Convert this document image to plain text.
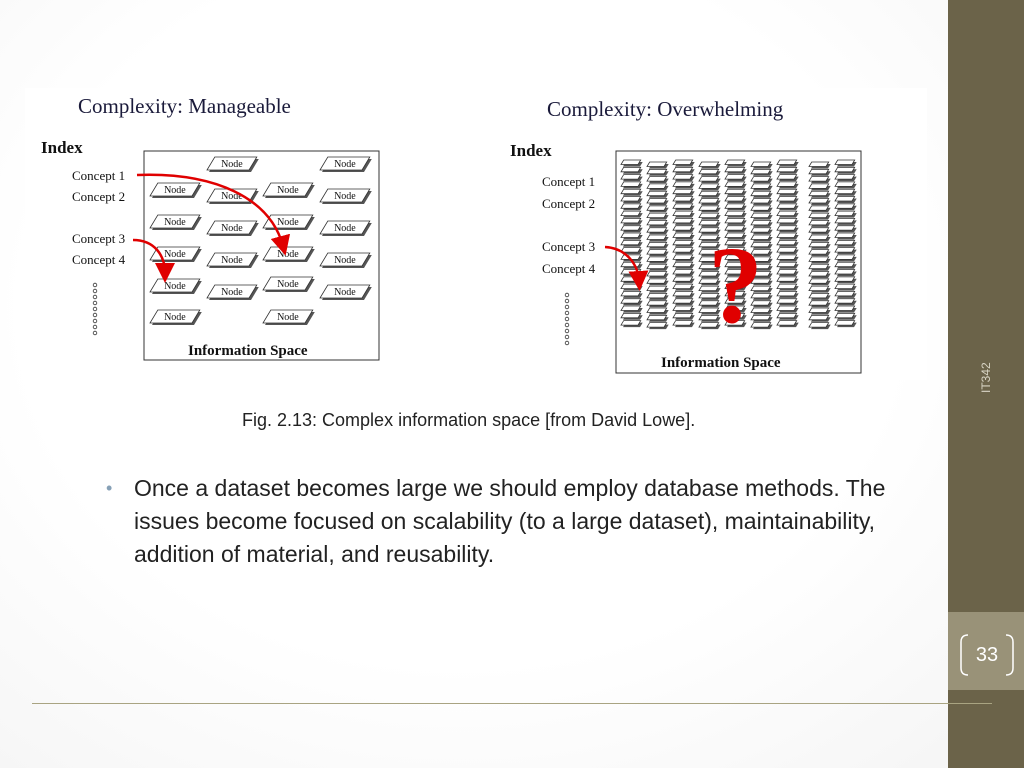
IT342
33
Complexity: Manageable
Index
Concept 1
Concept 2
Concept 3
Concept 4
Node	Node
Node	Node
Node	Node
Node
Node
Node
Node
Node
Node
Node
Node
Node
Node
Node
Node
Node	Node
Information Space
Complexity: Overwhelming
Index
Concept 1
Concept 2
Concept 3
Concept 4 ?
Information Space
Fig. 2.13: Complex information space [from David Lowe].
• Once a dataset becomes large we should employ database methods. The issues become focused on scalability (to a large dataset), maintainability, addition of material, and reusability.
